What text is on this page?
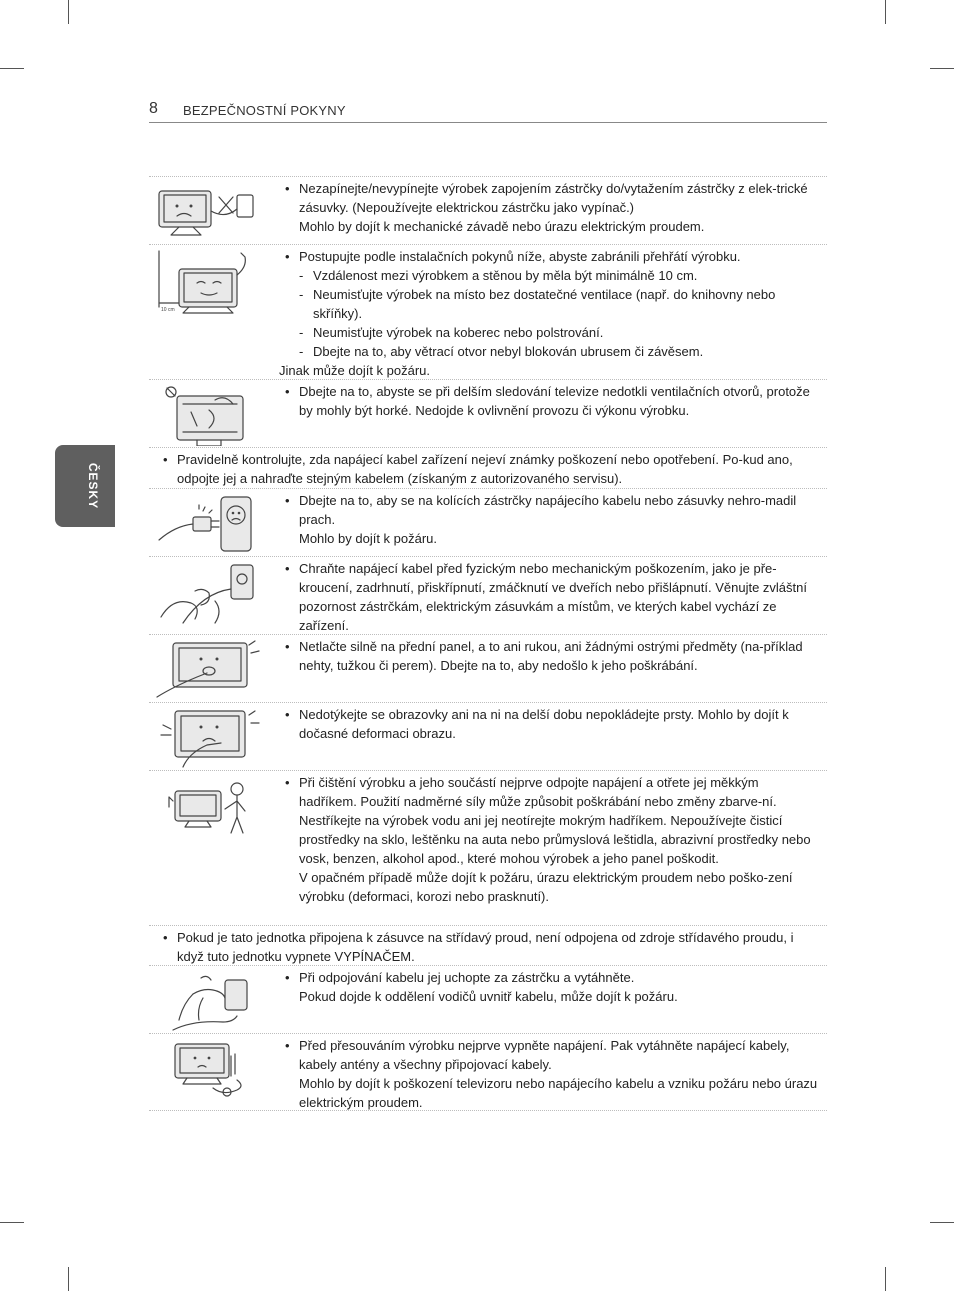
8 BEZPEČNOSTNÍ POKYNY
ČESKY
• Nezapínejte/nevypínejte výrobek zapojením zástrčky do/vytažením zástrčky z elek-trické zásuvky. (Nepoužívejte elektrickou zástrčku jako vypínač.)
Mohlo by dojít k mechanické závadě nebo úrazu elektrickým proudem.
10 cm
• Postupujte podle instalačních pokynů níže, abyste zabránili přehřátí výrobku.
- Vzdálenost mezi výrobkem a stěnou by měla být minimálně 10 cm.
- Neumisťujte výrobek na místo bez dostatečné ventilace (např. do knihovny nebo skříňky).
- Neumisťujte výrobek na koberec nebo polstrování.
- Dbejte na to, aby větrací otvor nebyl blokován ubrusem či závěsem.
Jinak může dojít k požáru.
• Dbejte na to, abyste se při delším sledování televize nedotkli ventilačních otvorů, protože by mohly být horké. Nedojde k ovlivnění provozu či výkonu výrobku.
• Pravidelně kontrolujte, zda napájecí kabel zařízení nejeví známky poškození nebo opotřebení. Po-kud ano, odpojte jej a nahraďte stejným kabelem (získaným z autorizovaného servisu).
• Dbejte na to, aby se na kolících zástrčky napájecího kabelu nebo zásuvky nehro-madil prach.
Mohlo by dojít k požáru.
• Chraňte napájecí kabel před fyzickým nebo mechanickým poškozením, jako je pře-kroucení, zadrhnutí, přiskřípnutí, zmáčknutí ve dveřích nebo přišlápnutí. Věnujte zvláštní pozornost zástrčkám, elektrickým zásuvkám a místům, ve kterých kabel vychází ze zařízení.
• Netlačte silně na přední panel, a to ani rukou, ani žádnými ostrými předměty (na-příklad nehty, tužkou či perem). Dbejte na to, aby nedošlo k jeho poškrábání.
• Nedotýkejte se obrazovky ani na ni na delší dobu nepokládejte prsty. Mohlo by dojít k dočasné deformaci obrazu.
• Při čištění výrobku a jeho součástí nejprve odpojte napájení a otřete jej měkkým hadříkem. Použití nadměrné síly může způsobit poškrábání nebo změny zbarve-ní. Nestříkejte na výrobek vodu ani jej neotírejte mokrým hadříkem. Nepoužívejte čisticí prostředky na sklo, leštěnku na auta nebo průmyslová leštidla, abrazivní prostředky nebo vosk, benzen, alkohol apod., které mohou výrobek a jeho panel poškodit.
V opačném případě může dojít k požáru, úrazu elektrickým proudem nebo poško-zení výrobku (deformaci, korozi nebo prasknutí).
• Pokud je tato jednotka připojena k zásuvce na střídavý proud, není odpojena od zdroje střídavého proudu, i když tuto jednotku vypnete VYPÍNAČEM.
• Při odpojování kabelu jej uchopte za zástrčku a vytáhněte.
Pokud dojde k oddělení vodičů uvnitř kabelu, může dojít k požáru.
• Před přesouváním výrobku nejprve vypněte napájení. Pak vytáhněte napájecí kabely, kabely antény a všechny připojovací kabely.
Mohlo by dojít k poškození televizoru nebo napájecího kabelu a vzniku požáru nebo úrazu elektrickým proudem.
